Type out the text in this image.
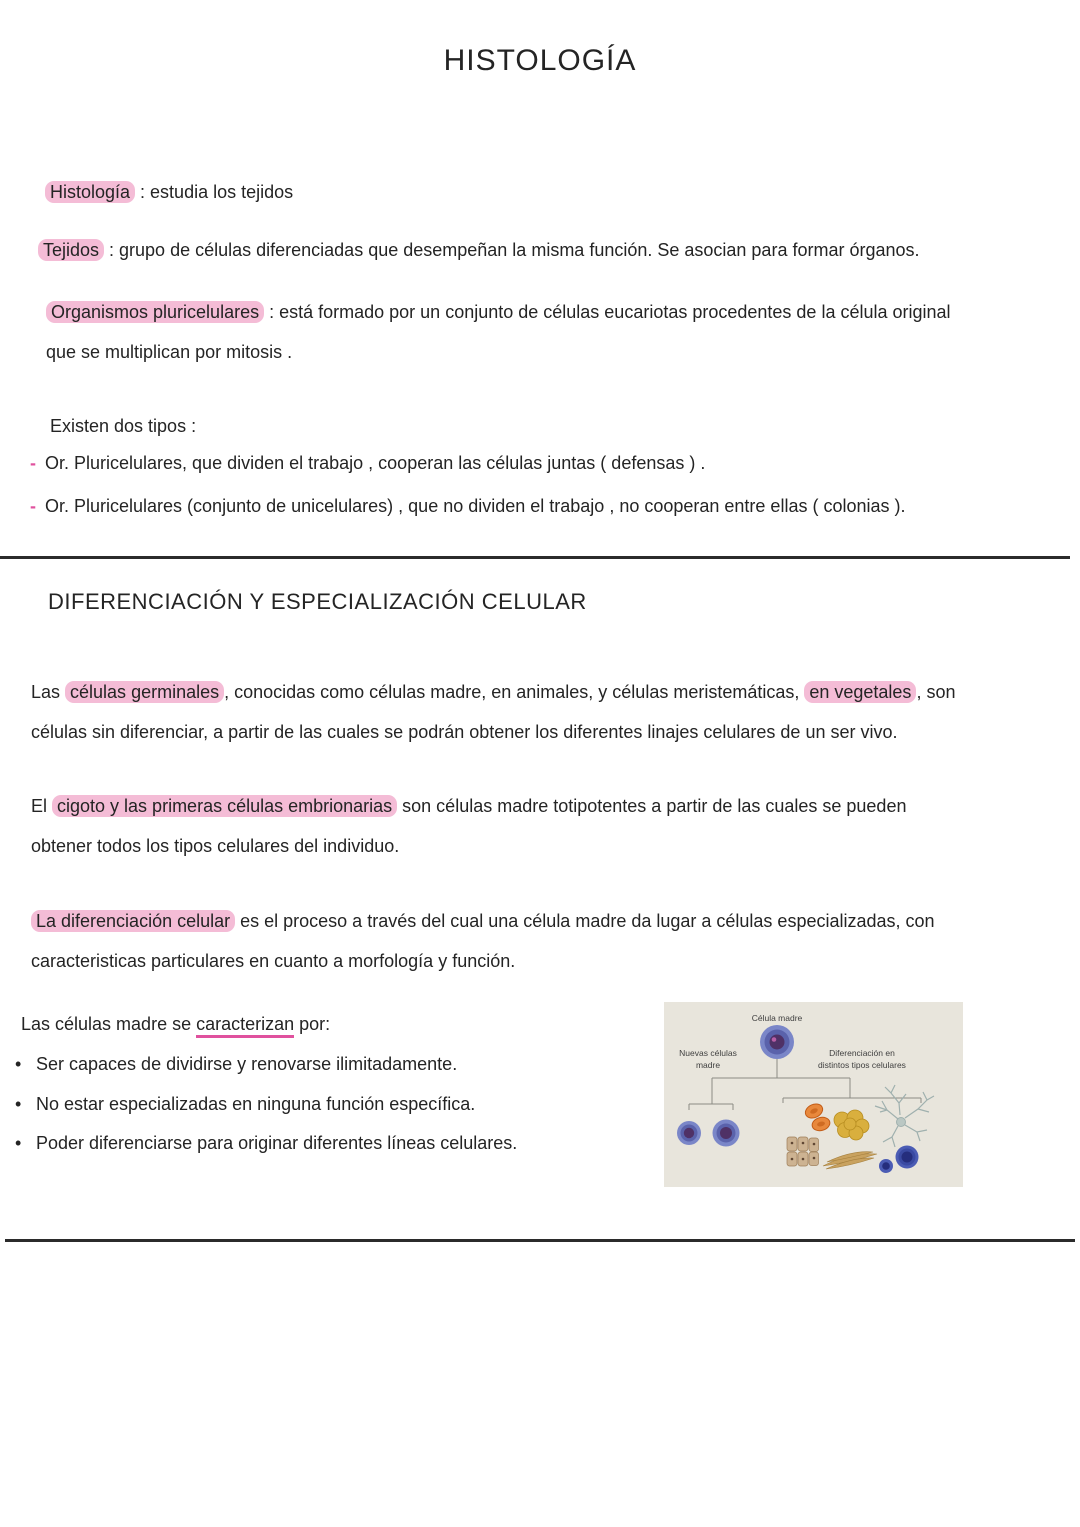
HISTOLOGÍA
Histología : estudia los tejidos
Tejidos : grupo de células diferenciadas que desempeñan la misma función. Se asocian para formar órganos.
Organismos pluricelulares : está formado por un conjunto de células eucariotas procedentes de la célula original
que se multiplican por mitosis .
Existen dos tipos :
- Or. Pluricelulares, que dividen el trabajo , cooperan las células juntas ( defensas ) .
- Or. Pluricelulares (conjunto de unicelulares) , que no dividen el trabajo , no cooperan entre ellas ( colonias ).
DIFERENCIACIÓN Y ESPECIALIZACIÓN CELULAR
Las células germinales , conocidas como células madre, en animales, y células meristemáticas, en vegetales , son
células sin diferenciar, a partir de las cuales se podrán obtener los diferentes linajes celulares de un ser vivo.
El cigoto y las primeras células embrionarias son células madre totipotentes a partir de las cuales se pueden
obtener todos los tipos celulares del individuo.
La diferenciación celular es el proceso a través del cual una célula madre da lugar a células especializadas, con
caracteristicas particulares en cuanto a morfología y función.
Las células madre se caracterizan por:
• Ser capaces de dividirse y renovarse ilimitadamente.
• No estar especializadas en ninguna función específica.
• Poder diferenciarse para originar diferentes líneas celulares.
Célula madre
Nuevas células
madre
Diferenciación en
distintos tipos celulares
